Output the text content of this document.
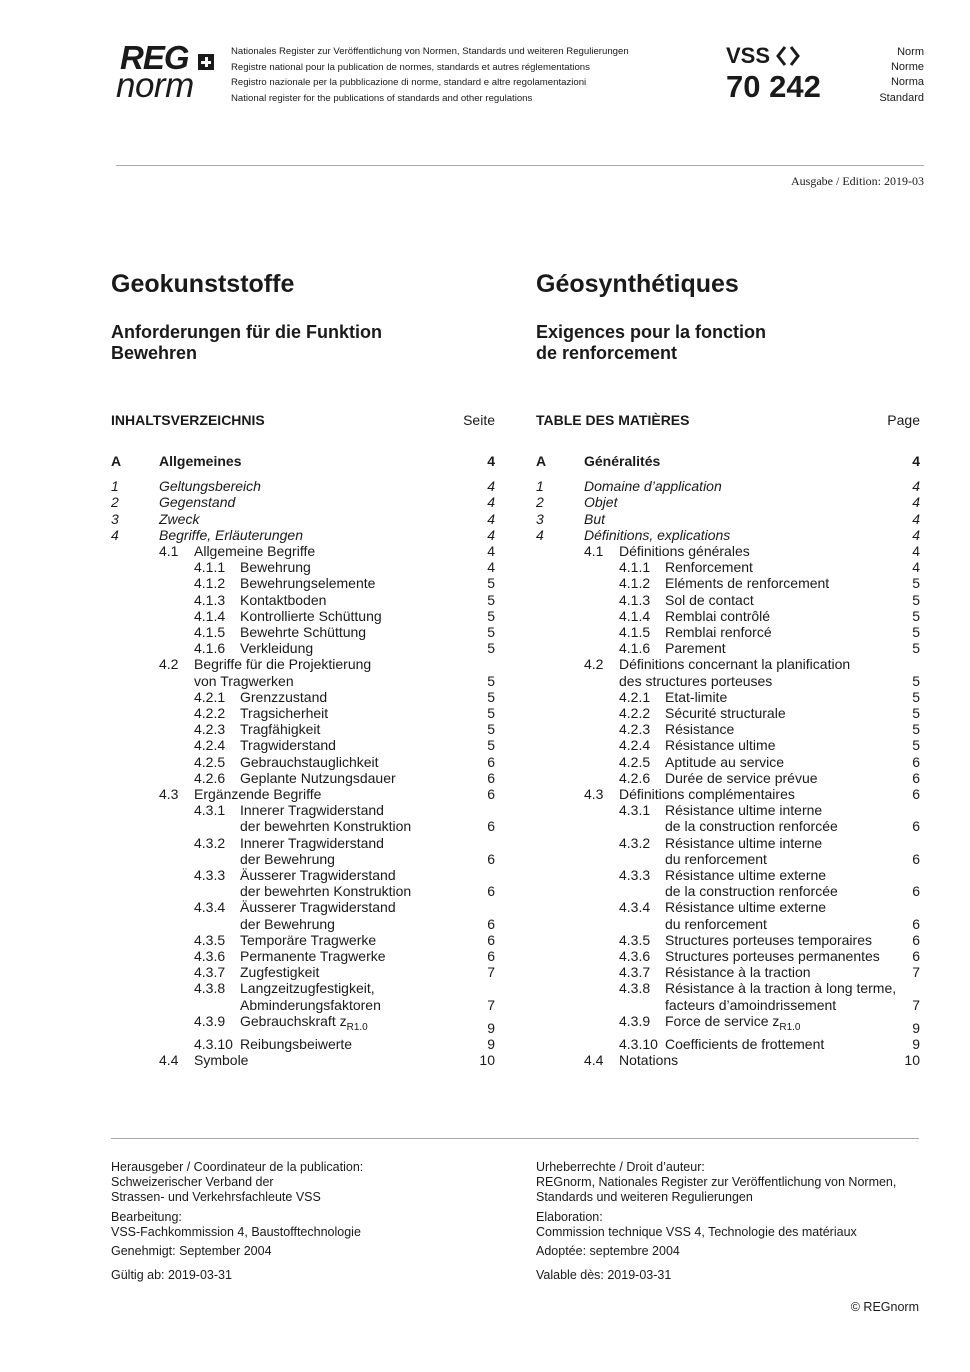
REG
norm
Nationales Register zur Veröffentlichung von Normen, Standards und weiteren Regulierungen
Registre national pour la publication de normes, standards et autres réglementations
Registro nazionale per la pubblicazione di norme, standard e altre regolamentazioni
National register for the publications of standards and other regulations
VSS
70 242
Norm
Norme
Norma
Standard
Ausgabe / Edition: 2019-03
Geokunststoffe	Géosynthétiques
Anforderungen für die Funktion
Bewehren
Exigences pour la fonction
de renforcement
INHALTSVERZEICHNIS	Seite
A	Allgemeines	4
1	Geltungsbereich	4
2	Gegenstand	4
3	Zweck	4
4	Begriffe, Erläuterungen	4
4.1 Allgemeine Begriffe	4
4.1.1 Bewehrung	4
4.1.2 Bewehrungselemente	5
4.1.3 Kontaktboden	5
4.1.4 Kontrollierte Schüttung	5
4.1.5 Bewehrte Schüttung	5
4.1.6 Verkleidung	5
4.2 Begriffe für die Projektierung
von Tragwerken	5
4.2.1 Grenzzustand	5
4.2.2 Tragsicherheit	5
4.2.3 Tragfähigkeit	5
4.2.4 Tragwiderstand	5
4.2.5 Gebrauchstauglichkeit	6
4.2.6 Geplante Nutzungsdauer	6
4.3 Ergänzende Begriffe	6
4.3.1 Innerer Tragwiderstand
der bewehrten Konstruktion	6
4.3.2 Innerer Tragwiderstand
der Bewehrung	6
4.3.3 Äusserer Tragwiderstand
der bewehrten Konstruktion	6
4.3.4 Äusserer Tragwiderstand
der Bewehrung	6
4.3.5 Temporäre Tragwerke	6
4.3.6 Permanente Tragwerke	6
4.3.7 Zugfestigkeit	7
4.3.8 Langzeitzugfestigkeit,
Abminderungsfaktoren	7
4.3.9 Gebrauchskraft $z_{R1.0}$	9
4.3.10 Reibungsbeiwerte	9
4.4 Symbole	10
TABLE DES MATIÈRES	Page
A	Généralités	4
1	Domaine d’application	4
2	Objet	4
3	But	4
4	Définitions, explications	4
4.1 Définitions générales	4
4.1.1 Renforcement	4
4.1.2 Eléments de renforcement	5
4.1.3 Sol de contact	5
4.1.4 Remblai contrôlé	5
4.1.5 Remblai renforcé	5
4.1.6 Parement	5
4.2 Définitions concernant la planification
des structures porteuses	5
4.2.1 Etat-limite	5
4.2.2 Sécurité structurale	5
4.2.3 Résistance	5
4.2.4 Résistance ultime	5
4.2.5 Aptitude au service	6
4.2.6 Durée de service prévue	6
4.3 Définitions complémentaires	6
4.3.1 Résistance ultime interne
de la construction renforcée	6
4.3.2 Résistance ultime interne
du renforcement	6
4.3.3 Résistance ultime externe
de la construction renforcée	6
4.3.4 Résistance ultime externe
du renforcement	6
4.3.5 Structures porteuses temporaires	6
4.3.6 Structures porteuses permanentes	6
4.3.7 Résistance à la traction	7
4.3.8 Résistance à la traction à long terme,
facteurs d’amoindrissement	7
4.3.9 Force de service $z_{R1.0}$	9
4.3.10 Coefficients de frottement	9
4.4 Notations	10

Herausgeber / Coordinateur de la publication:
Schweizerischer Verband der
Strassen- und Verkehrsfachleute VSS

Bearbeitung:
VSS-Fachkommission 4, Baustofftechnologie

Genehmigt: September 2004

Gültig ab: 2019-03-31

Urheberrechte / Droit d’auteur:
REGnorm, Nationales Register zur Veröffentlichung von Normen,
Standards und weiteren Regulierungen

Elaboration:
Commission technique VSS 4, Technologie des matériaux

Adoptée: septembre 2004

Valable dès: 2019-03-31

© REGnorm
